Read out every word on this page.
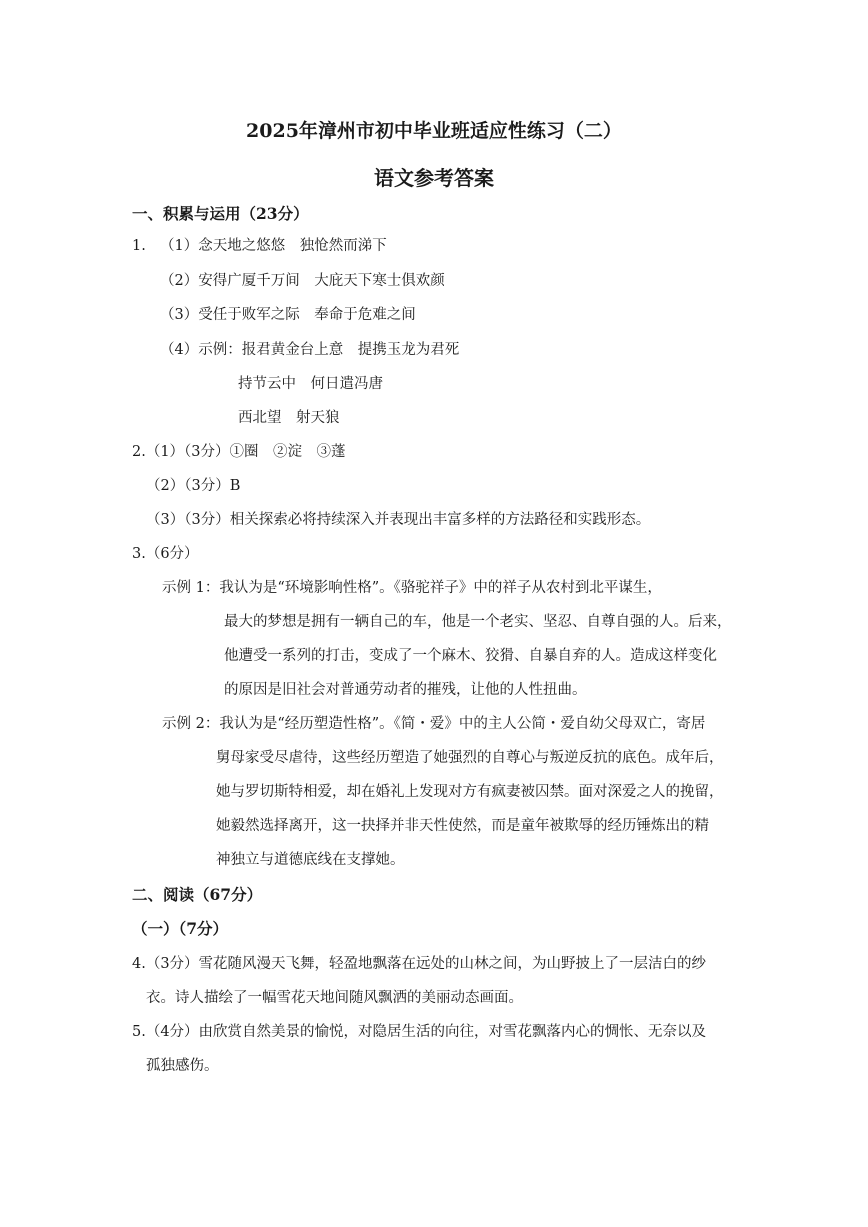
2025年漳州市初中毕业班适应性练习（二）
语文参考答案
一、积累与运用（23分）
1. （1）念天地之悠悠　独怆然而涕下
（2）安得广厦千万间　大庇天下寒士俱欢颜
（3）受任于败军之际　奉命于危难之间
（4）示例：报君黄金台上意　提携玉龙为君死
持节云中　何日遣冯唐
西北望　射天狼
2.（1）（3分）①圈　②淀　③蓬
（2）（3分）B
（3）（3分）相关探索必将持续深入并表现出丰富多样的方法路径和实践形态。
3.（6分）
示例 1：我认为是“环境影响性格”。《骆驼祥子》中的祥子从农村到北平谋生，
最大的梦想是拥有一辆自己的车，他是一个老实、坚忍、自尊自强的人。后来，
他遭受一系列的打击，变成了一个麻木、狡猾、自暴自弃的人。造成这样变化
的原因是旧社会对普通劳动者的摧残，让他的人性扭曲。
示例 2：我认为是“经历塑造性格”。《简・爱》中的主人公简・爱自幼父母双亡，寄居
舅母家受尽虐待，这些经历塑造了她强烈的自尊心与叛逆反抗的底色。成年后，
她与罗切斯特相爱，却在婚礼上发现对方有疯妻被囚禁。面对深爱之人的挽留，
她毅然选择离开，这一抉择并非天性使然，而是童年被欺辱的经历锤炼出的精
神独立与道德底线在支撑她。
二、阅读（67分）
（一）（7分）
4.（3分）雪花随风漫天飞舞，轻盈地飘落在远处的山林之间，为山野披上了一层洁白的纱
衣。诗人描绘了一幅雪花天地间随风飘洒的美丽动态画面。
5.（4分）由欣赏自然美景的愉悦，对隐居生活的向往，对雪花飘落内心的惆怅、无奈以及
孤独感伤。
